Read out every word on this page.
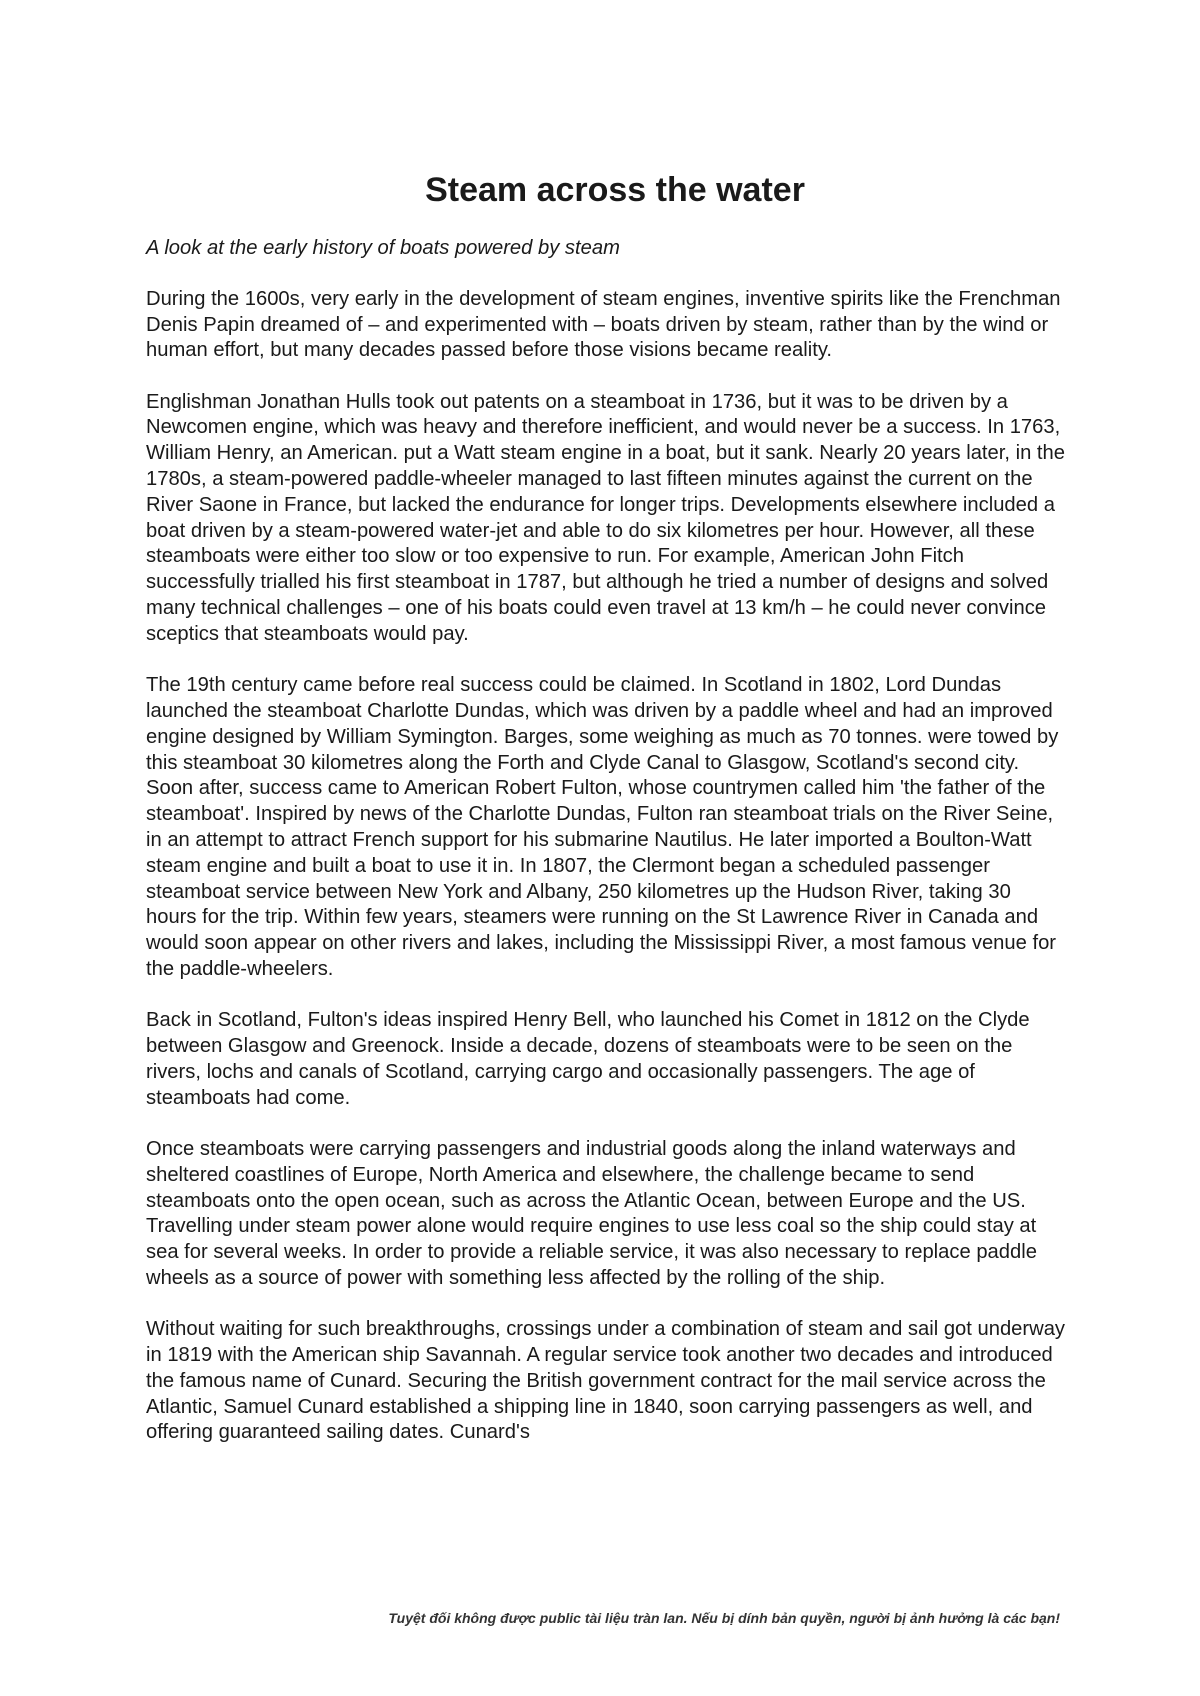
Steam across the water

A look at the early history of boats powered by steam

During the 1600s, very early in the development of steam engines, inventive spirits like the Frenchman Denis Papin dreamed of – and experimented with – boats driven by steam, rather than by the wind or human effort, but many decades passed before those visions became reality.

Englishman Jonathan Hulls took out patents on a steamboat in 1736, but it was to be driven by a Newcomen engine, which was heavy and therefore inefficient, and would never be a success. In 1763, William Henry, an American. put a Watt steam engine in a boat, but it sank. Nearly 20 years later, in the 1780s, a steam-powered paddle-wheeler managed to last fifteen minutes against the current on the River Saone in France, but lacked the endurance for longer trips. Developments elsewhere included a boat driven by a steam-powered water-jet and able to do six kilometres per hour. However, all these steamboats were either too slow or too expensive to run. For example, American John Fitch successfully trialled his first steamboat in 1787, but although he tried a number of designs and solved many technical challenges – one of his boats could even travel at 13 km/h – he could never convince sceptics that steamboats would pay.

The 19th century came before real success could be claimed. In Scotland in 1802, Lord Dundas launched the steamboat Charlotte Dundas, which was driven by a paddle wheel and had an improved engine designed by William Symington. Barges, some weighing as much as 70 tonnes. were towed by this steamboat 30 kilometres along the Forth and Clyde Canal to Glasgow, Scotland's second city. Soon after, success came to American Robert Fulton, whose countrymen called him 'the father of the steamboat'. Inspired by news of the Charlotte Dundas, Fulton ran steamboat trials on the River Seine, in an attempt to attract French support for his submarine Nautilus. He later imported a Boulton-Watt steam engine and built a boat to use it in. In 1807, the Clermont began a scheduled passenger steamboat service between New York and Albany, 250 kilometres up the Hudson River, taking 30 hours for the trip. Within few years, steamers were running on the St Lawrence River in Canada and would soon appear on other rivers and lakes, including the Mississippi River, a most famous venue for the paddle-wheelers.

Back in Scotland, Fulton's ideas inspired Henry Bell, who launched his Comet in 1812 on the Clyde between Glasgow and Greenock. Inside a decade, dozens of steamboats were to be seen on the rivers, lochs and canals of Scotland, carrying cargo and occasionally passengers. The age of steamboats had come.

Once steamboats were carrying passengers and industrial goods along the inland waterways and sheltered coastlines of Europe, North America and elsewhere, the challenge became to send steamboats onto the open ocean, such as across the Atlantic Ocean, between Europe and the US. Travelling under steam power alone would require engines to use less coal so the ship could stay at sea for several weeks. In order to provide a reliable service, it was also necessary to replace paddle wheels as a source of power with something less affected by the rolling of the ship.

Without waiting for such breakthroughs, crossings under a combination of steam and sail got underway in 1819 with the American ship Savannah. A regular service took another two decades and introduced the famous name of Cunard. Securing the British government contract for the mail service across the Atlantic, Samuel Cunard established a shipping line in 1840, soon carrying passengers as well, and offering guaranteed sailing dates. Cunard's

Tuyệt đối không được public tài liệu tràn lan. Nếu bị dính bản quyền, người bị ảnh hưởng là các bạn!
